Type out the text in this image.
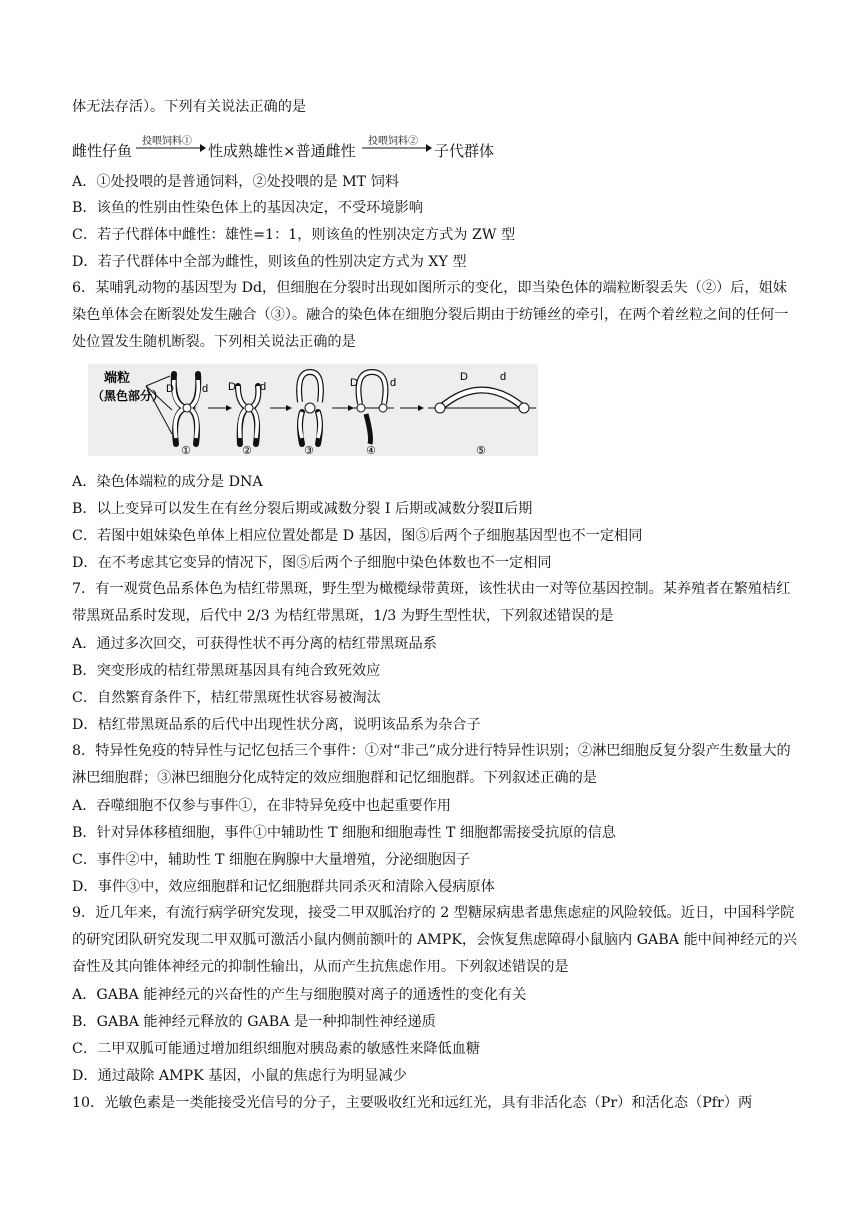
体无法存活）。下列有关说法正确的是
雌性仔鱼
投喂饲料①
性成熟雄性×普通雌性
投喂饲料②
子代群体
A．①处投喂的是普通饲料，②处投喂的是 MT 饲料
B．该鱼的性别由性染色体上的基因决定，不受环境影响
C．若子代群体中雌性：雄性=1：1，则该鱼的性别决定方式为 ZW 型
D．若子代群体中全部为雌性，则该鱼的性别决定方式为 XY 型
6．某哺乳动物的基因型为 Dd，但细胞在分裂时出现如图所示的变化，即当染色体的端粒断裂丢失（②）后，姐妹染色单体会在断裂处发生融合（③）。融合的染色体在细胞分裂后期由于纺锤丝的牵引，在两个着丝粒之间的任何一处位置发生随机断裂。下列相关说法正确的是
端粒
（黑色部分） D	d
①
D d
②	③
D	d
④
D	d
⑤
A．染色体端粒的成分是 DNA
B．以上变异可以发生在有丝分裂后期或减数分裂 I 后期或减数分裂Ⅱ后期
C．若图中姐妹染色单体上相应位置处都是 D 基因，图⑤后两个子细胞基因型也不一定相同
D．在不考虑其它变异的情况下，图⑤后两个子细胞中染色体数也不一定相同
7．有一观赏色品系体色为桔红带黑斑，野生型为橄榄绿带黄斑，该性状由一对等位基因控制。某养殖者在繁殖桔红带黑斑品系时发现，后代中 2/3 为桔红带黑斑，1/3 为野生型性状，下列叙述错误的是
A．通过多次回交，可获得性状不再分离的桔红带黑斑品系
B．突变形成的桔红带黑斑基因具有纯合致死效应
C．自然繁育条件下，桔红带黑斑性状容易被淘汰
D．桔红带黑斑品系的后代中出现性状分离，说明该品系为杂合子
8．特异性免疫的特异性与记忆包括三个事件：①对“非己”成分进行特异性识别；②淋巴细胞反复分裂产生数量大的淋巴细胞群；③淋巴细胞分化成特定的效应细胞群和记忆细胞群。下列叙述正确的是
A．吞噬细胞不仅参与事件①，在非特异免疫中也起重要作用
B．针对异体移植细胞，事件①中辅助性 T 细胞和细胞毒性 T 细胞都需接受抗原的信息
C．事件②中，辅助性 T 细胞在胸腺中大量增殖，分泌细胞因子
D．事件③中，效应细胞群和记忆细胞群共同杀灭和清除入侵病原体
9．近几年来，有流行病学研究发现，接受二甲双胍治疗的 2 型糖尿病患者患焦虑症的风险较低。近日，中国科学院的研究团队研究发现二甲双胍可激活小鼠内侧前额叶的 AMPK，会恢复焦虑障碍小鼠脑内 GABA 能中间神经元的兴奋性及其向锥体神经元的抑制性输出，从而产生抗焦虑作用。下列叙述错误的是
A．GABA 能神经元的兴奋性的产生与细胞膜对离子的通透性的变化有关
B．GABA 能神经元释放的 GABA 是一种抑制性神经递质
C．二甲双胍可能通过增加组织细胞对胰岛素的敏感性来降低血糖
D．通过敲除 AMPK 基因，小鼠的焦虑行为明显减少
10．光敏色素是一类能接受光信号的分子，主要吸收红光和远红光，具有非活化态（Pr）和活化态（Pfr）两
